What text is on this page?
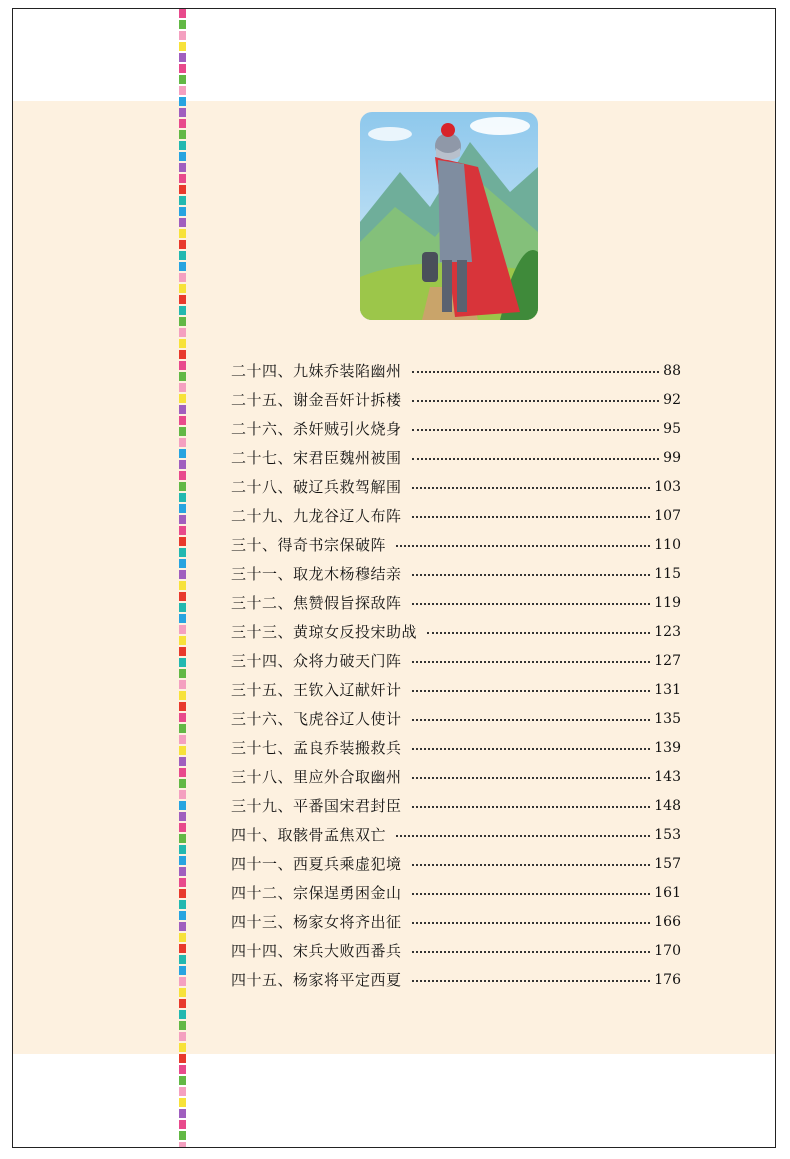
二十四、九妹乔装陷幽州	88
二十五、谢金吾奸计拆楼	92
二十六、杀奸贼引火烧身	95
二十七、宋君臣魏州被围	99
二十八、破辽兵救驾解围	103
二十九、九龙谷辽人布阵	107
三十、得奇书宗保破阵	110
三十一、取龙木杨穆结亲	115
三十二、焦赞假旨探敌阵	119
三十三、黄琼女反投宋助战	123
三十四、众将力破天门阵	127
三十五、王钦入辽献奸计	131
三十六、飞虎谷辽人使计	135
三十七、孟良乔装搬救兵	139
三十八、里应外合取幽州	143
三十九、平番国宋君封臣	148
四十、取骸骨孟焦双亡	153
四十一、西夏兵乘虚犯境	157
四十二、宗保逞勇困金山	161
四十三、杨家女将齐出征	166
四十四、宋兵大败西番兵	170
四十五、杨家将平定西夏	176
